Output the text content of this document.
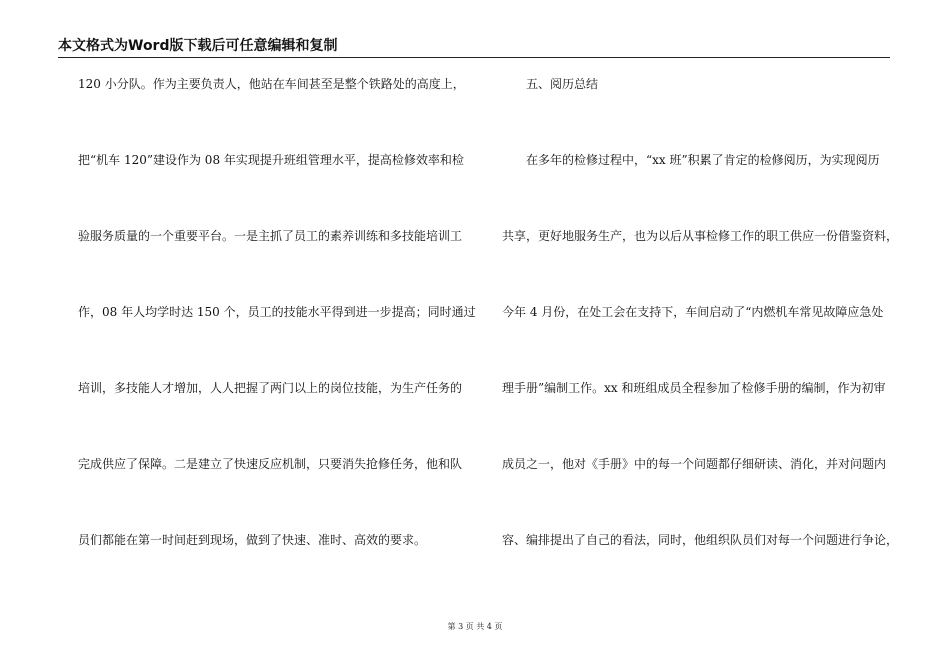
本文格式为Word版下载后可任意编辑和复制
120 小分队。作为主要负责人，他站在车间甚至是整个铁路处的高度上，
把“机车 120”建设作为 08 年实现提升班组管理水平，提高检修效率和检
验服务质量的一个重要平台。一是主抓了员工的素养训练和多技能培训工
作，08 年人均学时达 150 个，员工的技能水平得到进一步提高；同时通过
培训，多技能人才增加，人人把握了两门以上的岗位技能，为生产任务的
完成供应了保障。二是建立了快速反应机制，只要消失抢修任务，他和队
员们都能在第一时间赶到现场，做到了快速、准时、高效的要求。
五、阅历总结
在多年的检修过程中，“xx 班”积累了肯定的检修阅历，为实现阅历
共享，更好地服务生产，也为以后从事检修工作的职工供应一份借鉴资料，
今年 4 月份，在处工会在支持下，车间启动了“内燃机车常见故障应急处
理手册”编制工作。xx 和班组成员全程参加了检修手册的编制，作为初审
成员之一，他对《手册》中的每一个问题都仔细研读、消化，并对问题内
容、编排提出了自己的看法，同时，他组织队员们对每一个问题进行争论，
第 3 页 共 4 页
